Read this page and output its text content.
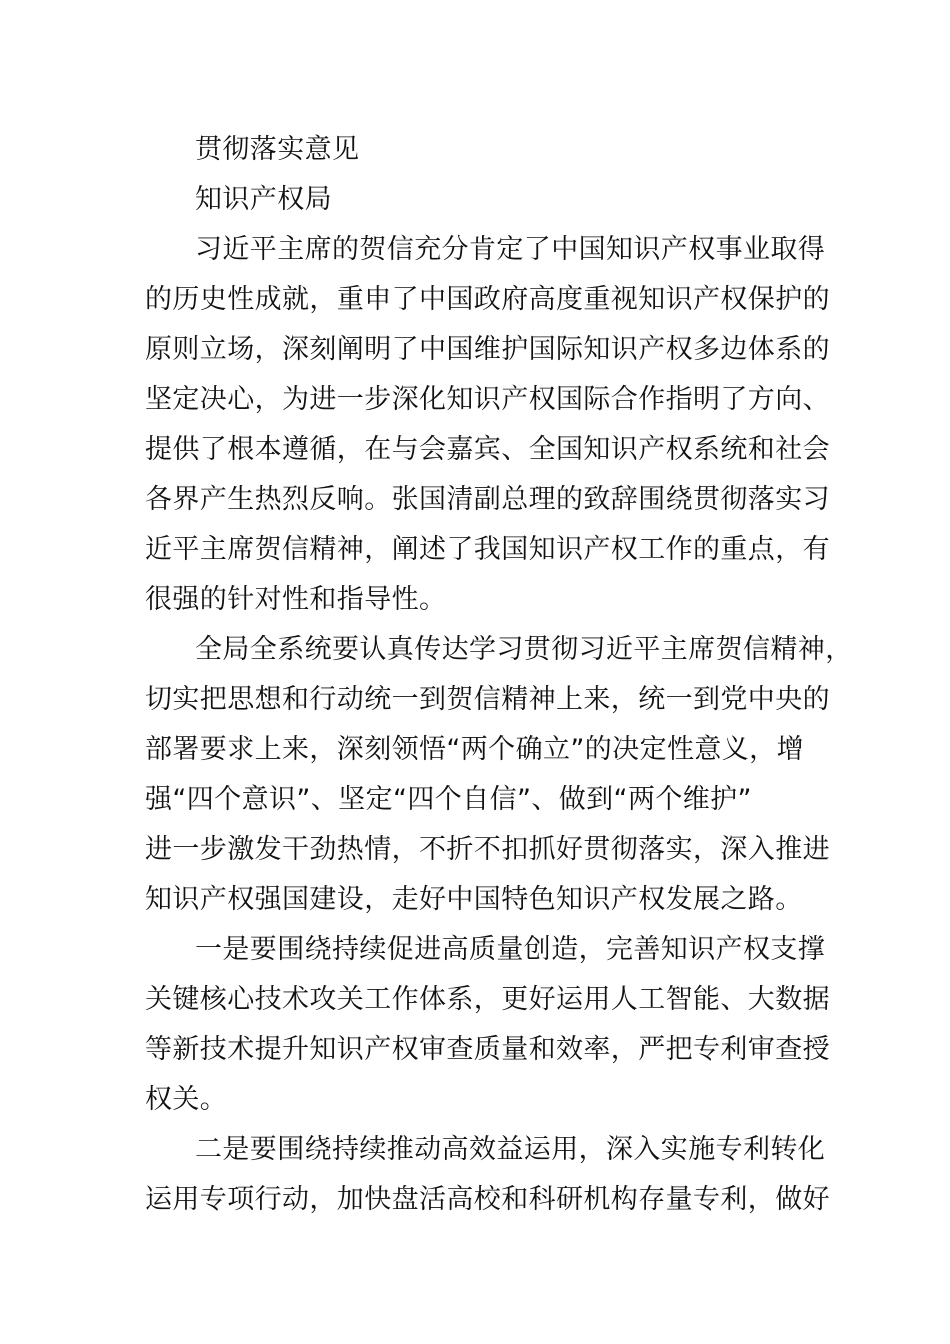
贯彻落实意见
知识产权局
习近平主席的贺信充分肯定了中国知识产权事业取得
的历史性成就，重申了中国政府高度重视知识产权保护的
原则立场，深刻阐明了中国维护国际知识产权多边体系的
坚定决心，为进一步深化知识产权国际合作指明了方向、
提供了根本遵循，在与会嘉宾、全国知识产权系统和社会
各界产生热烈反响。张国清副总理的致辞围绕贯彻落实习
近平主席贺信精神，阐述了我国知识产权工作的重点，有
很强的针对性和指导性。
全局全系统要认真传达学习贯彻习近平主席贺信精神，
切实把思想和行动统一到贺信精神上来，统一到党中央的
部署要求上来，深刻领悟“两个确立”的决定性意义，增
强“四个意识”、坚定“四个自信”、做到“两个维护”
进一步激发干劲热情，不折不扣抓好贯彻落实，深入推进
知识产权强国建设，走好中国特色知识产权发展之路。
一是要围绕持续促进高质量创造，完善知识产权支撑
关键核心技术攻关工作体系，更好运用人工智能、大数据
等新技术提升知识产权审查质量和效率，严把专利审查授
权关。
二是要围绕持续推动高效益运用，深入实施专利转化
运用专项行动，加快盘活高校和科研机构存量专利，做好
